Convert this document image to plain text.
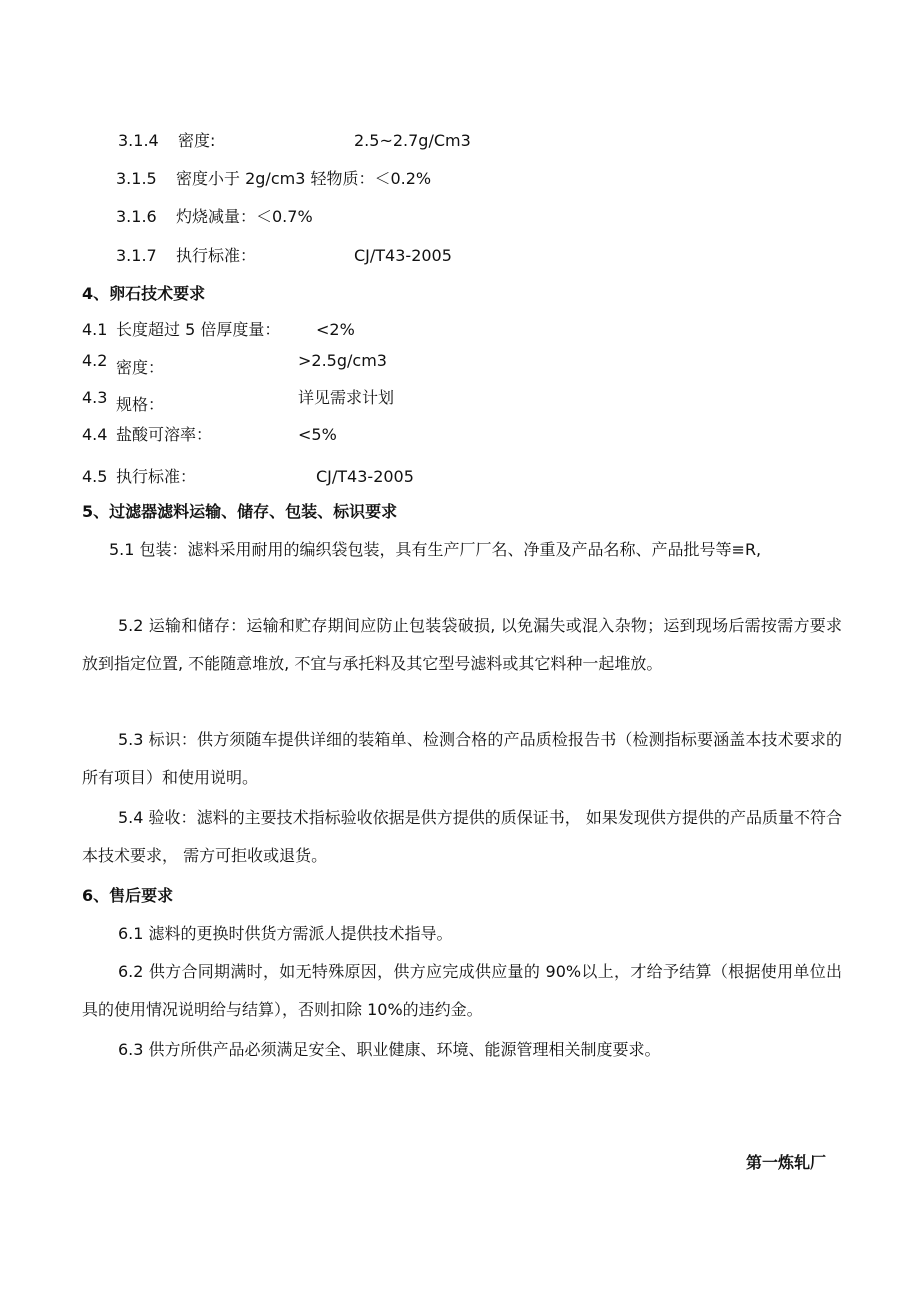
3.1.4 密度:	2.5~2.7g/Cm3
3.1.5 密度小于 2g/cm3 轻物质：＜0.2%
3.1.6 灼烧减量：＜0.7%
3.1.7 执行标准：	CJ/T43-2005
4、卵石技术要求
4.1 长度超过 5 倍厚度量： <2%
4.2 密度：	>2.5g/cm3
4.3 规格：	详见需求计划
4.4 盐酸可溶率：	<5%
4.5 执行标准：	CJ/T43-2005
5、过滤器滤料运输、储存、包装、标识要求
5.1 包装：滤料采用耐用的编织袋包装，具有生产厂厂名、净重及产品名称、产品批号等≡R,
5.2 运输和储存：运输和贮存期间应防止包装袋破损, 以免漏失或混入杂物；运到现场后需按需方要求放到指定位置, 不能随意堆放, 不宜与承托料及其它型号滤料或其它料种一起堆放。
5.3 标识：供方须随车提供详细的装箱单、检测合格的产品质检报告书（检测指标要涵盖本技术要求的所有项目）和使用说明。
5.4 验收：滤料的主要技术指标验收依据是供方提供的质保证书， 如果发现供方提供的产品质量不符合本技术要求， 需方可拒收或退货。
6、售后要求
6.1 滤料的更换时供货方需派人提供技术指导。
6.2 供方合同期满时，如无特殊原因，供方应完成供应量的 90%以上，才给予结算（根据使用单位出具的使用情况说明给与结算），否则扣除 10%的违约金。
6.3 供方所供产品必须满足安全、职业健康、环境、能源管理相关制度要求。
第一炼轧厂
